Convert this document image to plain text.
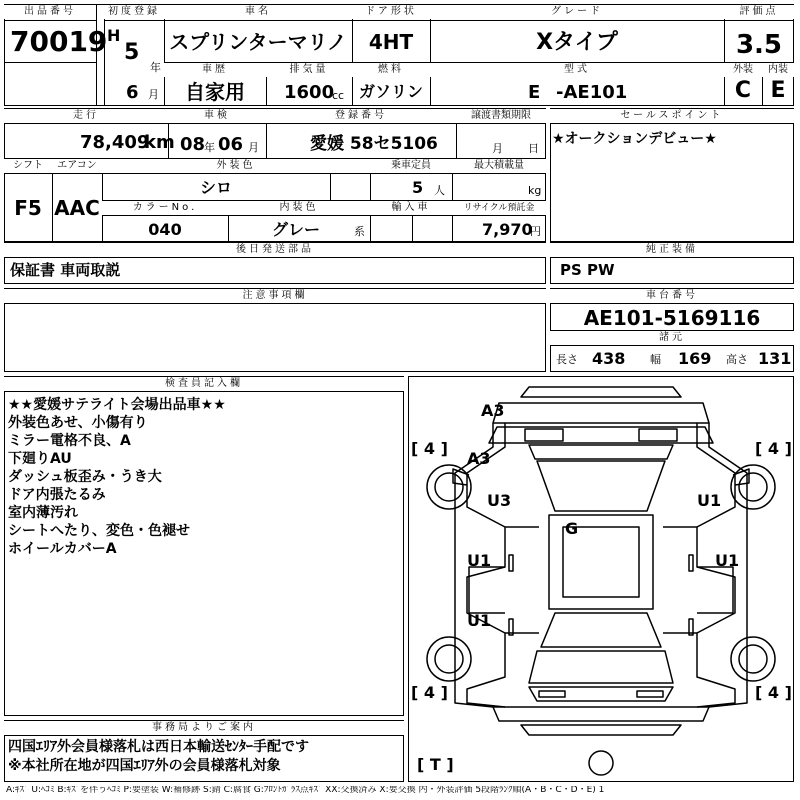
出品番号
70019
初度登録
H
5
年
6 月
車名
スプリンターマリノ
ドア形状
4HT
グレード
Xタイプ
評価点
3.5
車歴
自家用
排気量
1600
cc
燃料
ガソリン
型式
E -AE101
外装	内装
C E
走行
78,409
km
車検
08
年 06 月
登録番号
愛媛 58セ5106
譲渡書類期限
月 日
シフト
F5
エアコン
AAC
外装色
シロ
乗車定員
5 人
最大積載量
kg
カラーNo.
040
内装色
グレー	系
輸入車	リサイクル預託金
7,970
円
セールスポイント
★オークションデビュー★
後日発送部品
保証書 車両取説
純正装備
PS PW
注意事項欄	車台番号
AE101-5169116
諸元
長さ 438 幅 169 高さ 131
検査員記入欄
★★愛媛サテライト会場出品車★★
外装色あせ、小傷有り
ミラー電格不良、A
下廻りAU
ダッシュ板歪み・うき大
ドア内張たるみ
室内薄汚れ
シートへたり、変色・色褪せ
ホイールカバーA
A3
A3
U3	U1
G
U1	U1
U1
[ 4 ]	[ 4 ]
[ 4 ]	[ 4 ]
[ T ]
事務局よりご案内
四国ｴﾘｱ外会員様落札は西日本輸送ｾﾝﾀｰ手配です
※本社所在地が四国ｴﾘｱ外の会員様落札対象
A:ｷｽﾞ U:ﾍｺﾐ B:ｷｽﾞを伴うﾍｺﾐ P:要塗装 W:補修跡 S:錆 C:腐食 G:ﾌﾛﾝﾄｶﾞﾗｽ点ｷｽﾞ XX:交換済み X:要交換 内・外装評価 5段階ﾗﾝｸ順(A・B・C・D・E) 1
